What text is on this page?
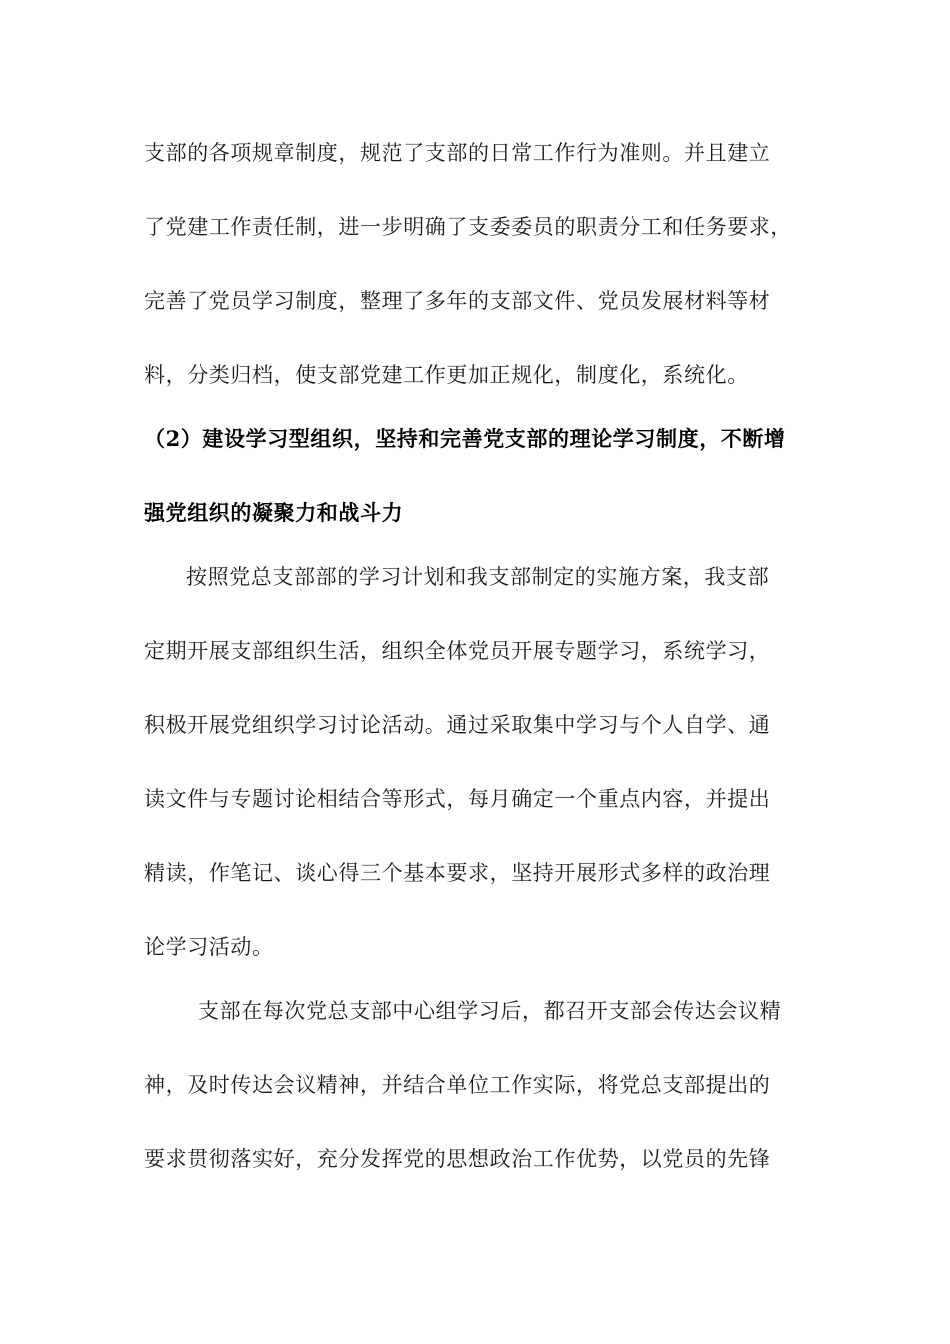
支部的各项规章制度，规范了支部的日常工作行为准则。并且建立

了党建工作责任制，进一步明确了支委委员的职责分工和任务要求，

完善了党员学习制度，整理了多年的支部文件、党员发展材料等材

料，分类归档，使支部党建工作更加正规化，制度化，系统化。

（2）建设学习型组织，坚持和完善党支部的理论学习制度，不断增

强党组织的凝聚力和战斗力

按照党总支部部的学习计划和我支部制定的实施方案，我支部

定期开展支部组织生活，组织全体党员开展专题学习，系统学习，

积极开展党组织学习讨论活动。通过采取集中学习与个人自学、通

读文件与专题讨论相结合等形式，每月确定一个重点内容，并提出

精读，作笔记、谈心得三个基本要求，坚持开展形式多样的政治理

论学习活动。

支部在每次党总支部中心组学习后，都召开支部会传达会议精

神，及时传达会议精神，并结合单位工作实际，将党总支部提出的

要求贯彻落实好，充分发挥党的思想政治工作优势，以党员的先锋
